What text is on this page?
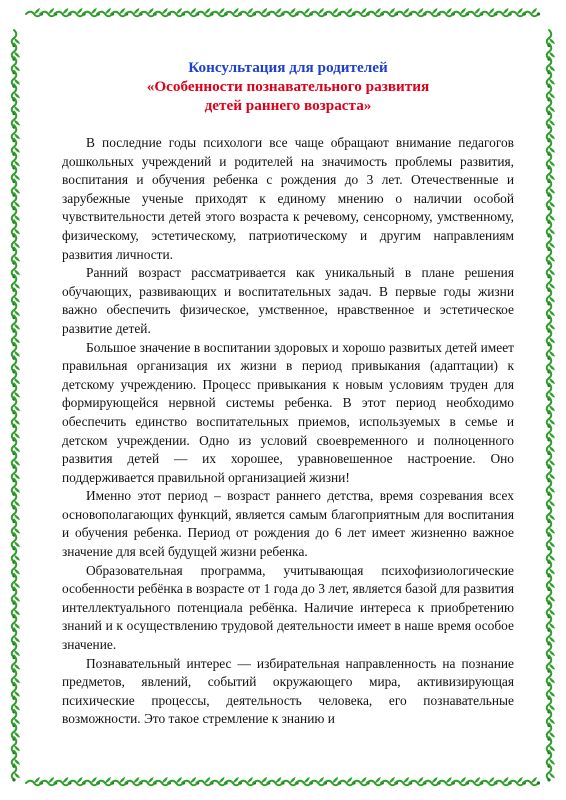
Консультация для родителей
«Особенности познавательного развития
детей раннего возраста»

В последние годы психологи все чаще обращают внимание педагогов дошкольных учреждений и родителей на значимость проблемы развития, воспитания и обучения ребенка с рождения до 3 лет. Отечественные и зарубежные ученые приходят к единому мнению о наличии особой чувствительности детей этого возраста к речевому, сенсорному, умственному, физическому, эстетическому, патриотическому и другим направлениям развития личности.

Ранний возраст рассматривается как уникальный в плане решения обучающих, развивающих и воспитательных задач. В первые годы жизни важно обеспечить физическое, умственное, нравственное и эстетическое развитие детей.

Большое значение в воспитании здоровых и хорошо развитых детей имеет правильная организация их жизни в период привыкания (адаптации) к детскому учреждению. Процесс привыкания к новым условиям труден для формирующейся нервной системы ребенка. В этот период необходимо обеспечить единство воспитательных приемов, используемых в семье и детском учреждении. Одно из условий своевременного и полноценного развития детей — их хорошее, уравновешенное настроение. Оно поддерживается правильной организацией жизни!

Именно этот период – возраст раннего детства, время созревания всех основополагающих функций, является самым благоприятным для воспитания и обучения ребенка. Период от рождения до 6 лет имеет жизненно важное значение для всей будущей жизни ребенка.

Образовательная программа, учитывающая психофизиологические особенности ребёнка в возрасте от 1 года до 3 лет, является базой для развития интеллектуального потенциала ребёнка. Наличие интереса к приобретению знаний и к осуществлению трудовой деятельности имеет в наше время особое значение.

Познавательный интерес — избирательная направленность на познание предметов, явлений, событий окружающего мира, активизирующая психические процессы, деятельность человека, его познавательные возможности. Это такое стремление к знанию и
